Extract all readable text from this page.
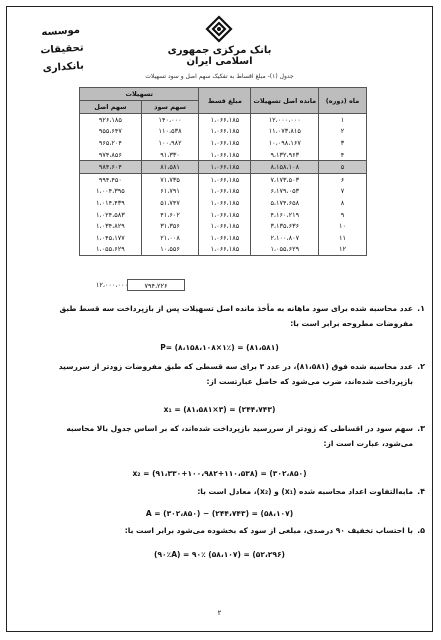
موسسه تحقیقات بانکداری
بانک مرکزی جمهوری اسلامی ایران
جدول (۱)- مبلغ اقساط به تفکیک سهم اصل و سود تسهیلات
ماه (دوره)	مانده اصل تسهیلات	مبلغ قسط	تسهیلات	
			سهم سود	سهم اصل
۱	۱۲،۰۰۰،۰۰۰	۱،۰۶۶،۱۸۵	۱۴۰،۰۰۰	۹۲۶،۱۸۵
۲	۱۱،۰۷۳،۸۱۵	۱،۰۶۶،۱۸۵	۱۱۰،۵۳۸	۹۵۵،۶۴۷
۳	۱۰،۰۹۸،۱۶۷	۱،۰۶۶،۱۸۵	۱۰۰،۹۸۲	۹۶۵،۲۰۴
۴	۹،۱۳۲،۹۶۳	۱،۰۶۶،۱۸۵	۹۱،۳۳۰	۹۷۴،۸۵۶
۵	۸،۱۵۸،۱۰۸	۱،۰۶۶،۱۸۵	۸۱،۵۸۱	۹۸۴،۶۰۴
۶	۷،۱۷۳،۵۰۳	۱،۰۶۶،۱۸۵	۷۱،۷۳۵	۹۹۴،۴۵۰
۷	۶،۱۷۹،۰۵۳	۱،۰۶۶،۱۸۵	۶۱،۷۹۱	۱،۰۰۴،۳۹۵
۸	۵،۱۷۴،۶۵۸	۱،۰۶۶،۱۸۵	۵۱،۷۴۷	۱،۰۱۴،۴۳۹
۹	۴،۱۶۰،۲۱۹	۱،۰۶۶،۱۸۵	۴۱،۶۰۲	۱،۰۲۴،۵۸۳
۱۰	۳،۱۳۵،۶۳۶	۱،۰۶۶،۱۸۵	۳۱،۳۵۶	۱،۰۳۴،۸۲۹
۱۱	۲،۱۰۰،۸۰۷	۱،۰۶۶،۱۸۵	۲۱،۰۰۸	۱،۰۴۵،۱۷۷
۱۲	۱،۰۵۵،۶۲۹	۱،۰۶۶،۱۸۵	۱۰،۵۵۶	۱،۰۵۵،۶۲۹
۷۹۴،۲۲۶
۱۲،۰۰۰،۰۰۰
۱.
عدد محاسبه شده برای سود ماهانه به مأخذ مانده اصل تسهیلات پس از بازپرداخت سه قسط طبق مفروضات مطروحه برابر است با:
P= (۸،۱۵۸،۱۰۸×۱٪) = (۸۱،۵۸۱)
۲.
عدد محاسبه شده فوق (۸۱،۵۸۱)، در عدد ۳ برای سه قسطی که طبق مفروضات زودتر از سررسید بازپرداخت شده‌اند، ضرب می‌شود که حاصل عبارتست از:
x₁ = (۸۱،۵۸۱×۳) = (۲۴۴،۷۴۳)
۳.
سهم سود در اقساطی که زودتر از سررسید بازپرداخت شده‌اند، که بر اساس جدول بالا محاسبه می‌شود، عبارت است از:
x₂ = (۹۱،۳۳۰+۱۰۰،۹۸۲+۱۱۰،۵۳۸) = (۳۰۲،۸۵۰)
۴.
مابه‌التفاوت اعداد محاسبه شده (x₁) و (x₂)، معادل است با:
A = (۳۰۲،۸۵۰) − (۲۴۴،۷۴۳) = (۵۸،۱۰۷)
۵.
با احتساب تخفیف ۹۰ درصدی، مبلغی از سود که بخشوده می‌شود برابر است با:
(۹۰٪A) = ۹۰٪ (۵۸،۱۰۷) = (۵۲،۲۹۶)
۲
